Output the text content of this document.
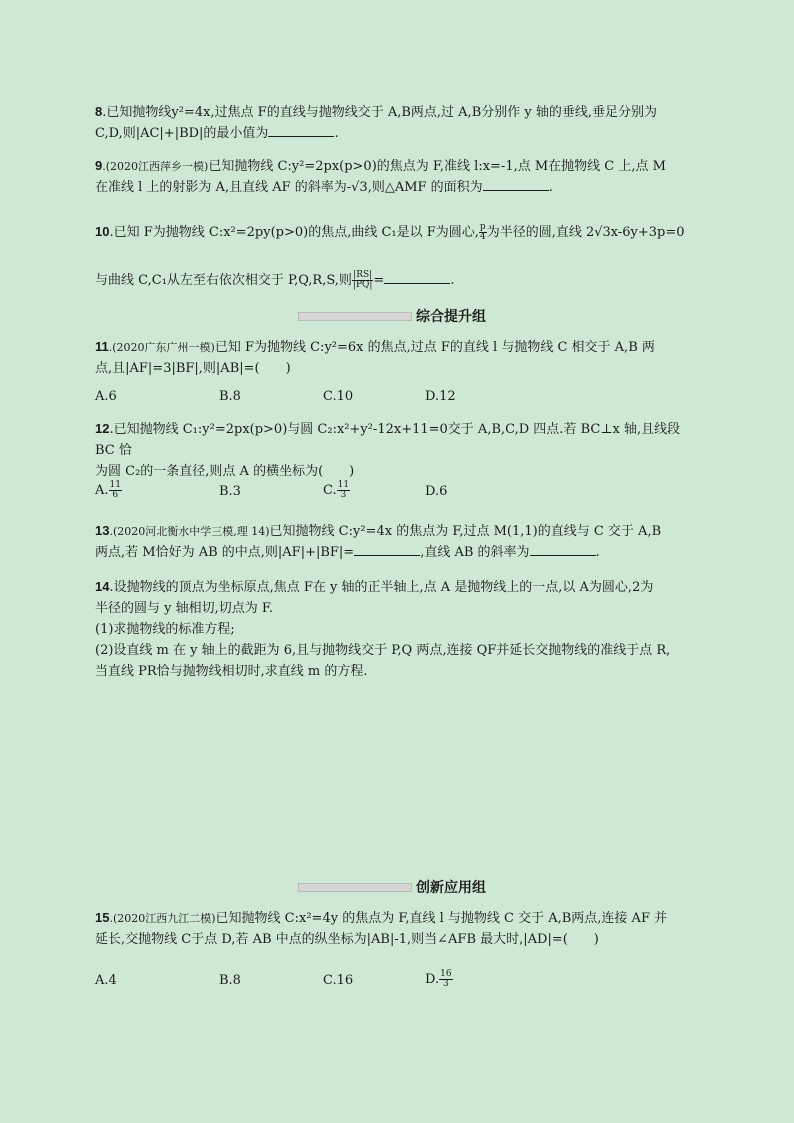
8.已知抛物线y²=4x,过焦点 F的直线与抛物线交于 A,B两点,过 A,B分别作 y 轴的垂线,垂足分别为
C,D,则|AC|+|BD|的最小值为	.
9.(2020江西萍乡一模)已知抛物线 C:y²=2px(p>0)的焦点为 F,准线 l:x=-1,点 M在抛物线 C 上,点 M
在准线 l 上的射影为 A,且直线 AF 的斜率为-√3,则△AMF 的面积为	.
10.已知 F为抛物线 C:x²=2py(p>0)的焦点,曲线 C₁是以 F为圆心, $\frac{p}{4}$ 为半径的圆,直线 2√3x-6y+3p=0
与曲线 C,C₁从左至右依次相交于 P,Q,R,S,则 $\frac{|RS|}{|PQ|}$ =	.
综合提升组
11.(2020广东广州一模)已知 F为抛物线 C:y²=6x 的焦点,过点 F的直线 l 与抛物线 C 相交于 A,B 两
点,且|AF|=3|BF|,则|AB|=(　　)
A.6	B.8	C.10	D.12
12.已知抛物线 C₁:y²=2px(p>0)与圆 C₂:x²+y²-12x+11=0交于 A,B,C,D 四点.若 BC⊥x 轴,且线段 BC 恰
为圆 C₂的一条直径,则点 A 的横坐标为(　　)
A. $\frac{11}{6}$	B.3	C. $\frac{11}{3}$	D.6
13.(2020河北衡水中学三模,理 14)已知抛物线 C:y²=4x 的焦点为 F,过点 M(1,1)的直线与 C 交于 A,B
两点,若 M恰好为 AB 的中点,则|AF|+|BF|=	,直线 AB 的斜率为	.
14.设抛物线的顶点为坐标原点,焦点 F在 y 轴的正半轴上,点 A 是抛物线上的一点,以 A为圆心,2为
半径的圆与 y 轴相切,切点为 F.
(1)求抛物线的标准方程;
(2)设直线 m 在 y 轴上的截距为 6,且与抛物线交于 P,Q 两点,连接 QF并延长交抛物线的准线于点 R,
当直线 PR恰与抛物线相切时,求直线 m 的方程.
创新应用组
15.(2020江西九江二模)已知抛物线 C:x²=4y 的焦点为 F,直线 l 与抛物线 C 交于 A,B两点,连接 AF 并
延长,交抛物线 C于点 D,若 AB 中点的纵坐标为|AB|-1,则当∠AFB 最大时,|AD|=(　　)
A.4	B.8	C.16	D. $\frac{16}{3}$
